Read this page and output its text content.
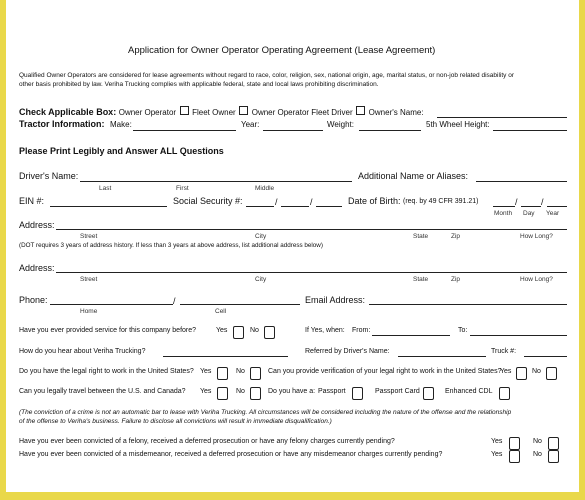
Application for Owner Operator Operating Agreement (Lease Agreement)
Qualified Owner Operators are considered for lease agreements without regard to race, color, religion, sex, national origin, age, marital status, or non-job related disability or
other basis prohibited by law. Veriha Trucking complies with applicable federal, state and local laws prohibiting discrimination.
Check Applicable Box: Owner Operator Fleet Owner Owner Operator Fleet Driver Owner's Name:
Tractor Information: Make:	Year:	Weight:	5th Wheel Height:
Please Print Legibly and Answer ALL Questions
Driver's Name:	Additional Name or Aliases:
Last	First	Middle
EIN #:	Social Security #:	/	/	Date of Birth: (req. by 49 CFR 391.21)	/	/
Month Day Year
Address:
Street	City	State	Zip	How Long?
(DOT requires 3 years of address history. If less than 3 years at above address, list additional address below)
Address:
Street	City	State	Zip	How Long?
Phone:	/
Home	Cell
Email Address:
Have you ever provided service for this company before?	Yes	No	If Yes, when: From:	To:
How do you hear about Veriha Trucking?	Referred by Driver's Name:	Truck #:
Do you have the legal right to work in the United States? Yes	No	Can you provide verification of your legal right to work in the United States?
Yes	No
Can you legally travel between the U.S. and Canada? Yes	No	Do you have a: Passport	Passport Card	Enhanced CDL
(The conviction of a crime is not an automatic bar to lease with Veriha Trucking. All circumstances will be considered including the nature of the offense and the relationship
of the offense to Veriha's business. Failure to disclose all convictions will result in immediate disqualification.)
Have you ever been convicted of a felony, received a deferred prosecution or have any felony charges currently pending?	Yes	No
Have you ever been convicted of a misdemeanor, received a deferred prosecution or have any misdemeanor charges currently pending?	Yes	No
